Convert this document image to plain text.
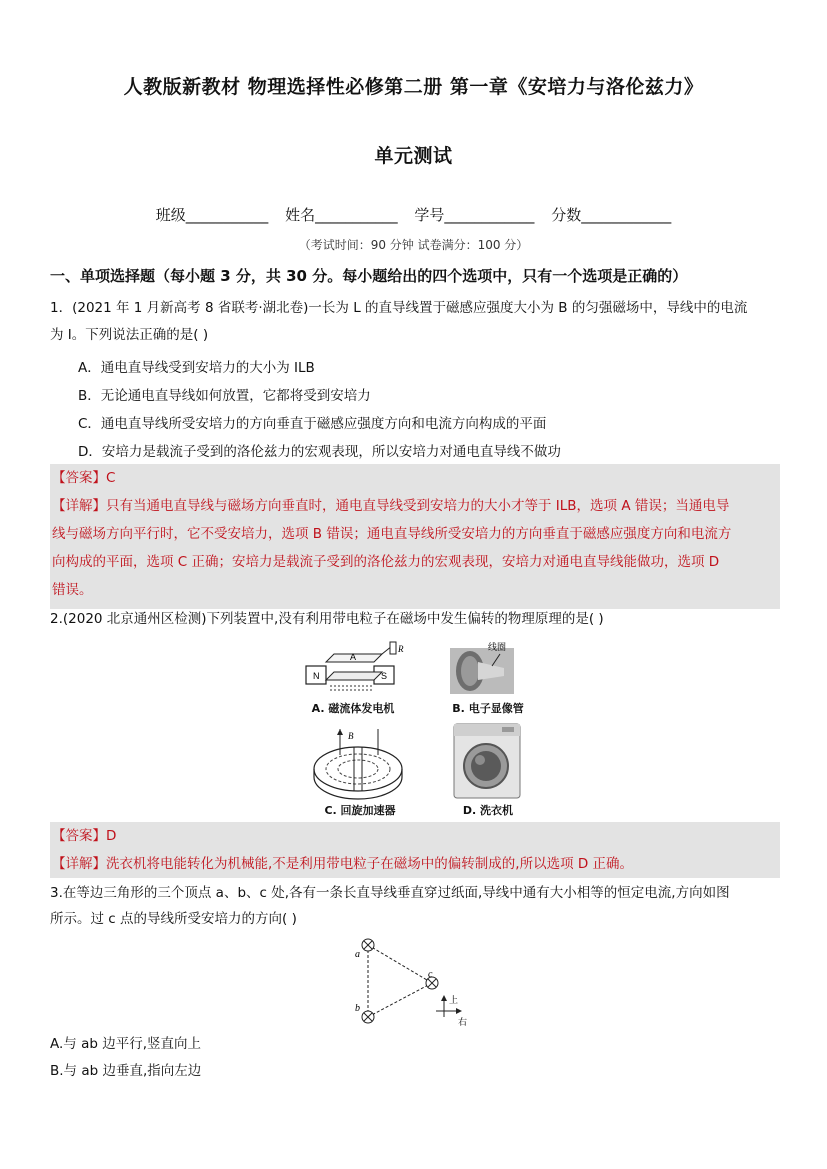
人教版新教材 物理选择性必修第二册 第一章《安培力与洛伦兹力》
单元测试
班级___________ 姓名___________ 学号____________ 分数____________
（考试时间：90 分钟 试卷满分：100 分）
一、单项选择题（每小题 3 分，共 30 分。每小题给出的四个选项中，只有一个选项是正确的）
1．(2021 年 1 月新高考 8 省联考·湖北卷)一长为 L 的直导线置于磁感应强度大小为 B 的匀强磁场中，导线中的电流
为 I。下列说法正确的是( )
A．通电直导线受到安培力的大小为 ILB
B．无论通电直导线如何放置，它都将受到安培力
C．通电直导线所受安培力的方向垂直于磁感应强度方向和电流方向构成的平面
D．安培力是载流子受到的洛伦兹力的宏观表现，所以安培力对通电直导线不做功
【答案】C
【详解】只有当通电直导线与磁场方向垂直时，通电直导线受到安培力的大小才等于 ILB，选项 A 错误；当通电导
线与磁场方向平行时，它不受安培力，选项 B 错误；通电直导线所受安培力的方向垂直于磁感应强度方向和电流方
向构成的平面，选项 C 正确；安培力是载流子受到的洛伦兹力的宏观表现，安培力对通电直导线能做功，选项 D
错误。
2.(2020 北京通州区检测)下列装置中,没有利用带电粒子在磁场中发生偏转的物理原理的是( )
N	S
A
R
A. 磁流体发电机
线圈
B. 电子显像管
B
C. 回旋加速器	D. 洗衣机
【答案】D
【详解】洗衣机将电能转化为机械能,不是利用带电粒子在磁场中的偏转制成的,所以选项 D 正确。
3.在等边三角形的三个顶点 a、b、c 处,各有一条长直导线垂直穿过纸面,导线中通有大小相等的恒定电流,方向如图
所示。过 c 点的导线所受安培力的方向( )
a
b
c
上
右
A.与 ab 边平行,竖直向上
B.与 ab 边垂直,指向左边
